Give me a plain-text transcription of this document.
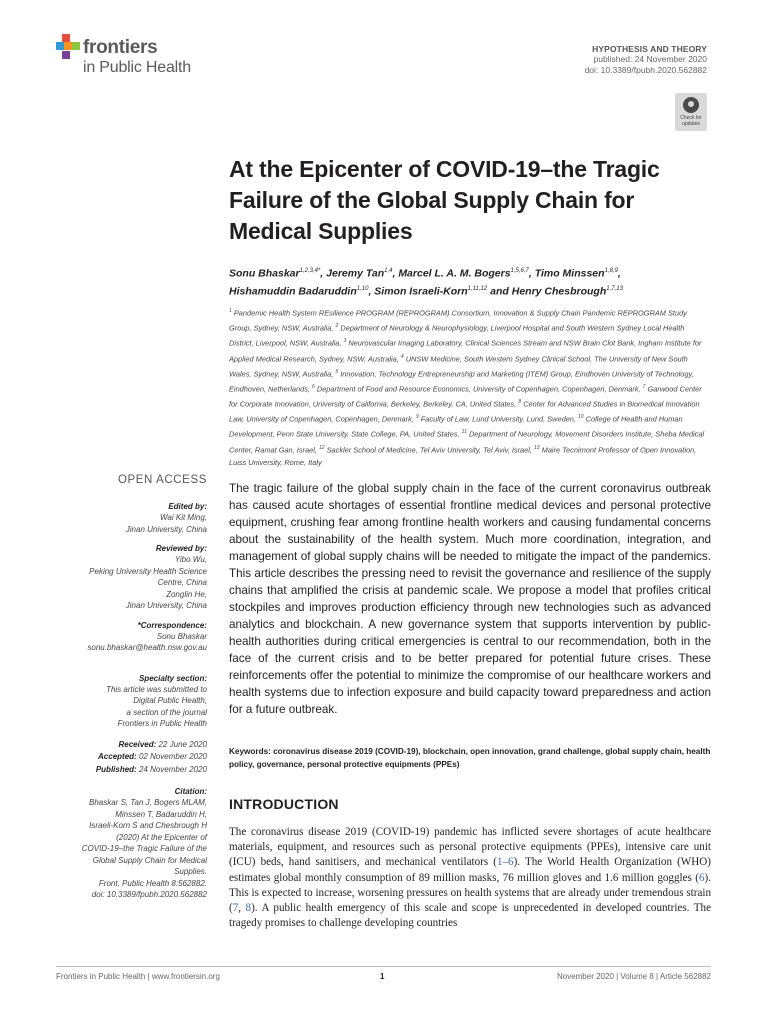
frontiers
in Public Health
HYPOTHESIS AND THEORY
published: 24 November 2020
doi: 10.3389/fpubh.2020.562882
Check for updates
At the Epicenter of COVID-19–the Tragic Failure of the Global Supply Chain for Medical Supplies
Sonu Bhaskar$^{1,2,3,4*}$, Jeremy Tan$^{1,4}$, Marcel L. A. M. Bogers$^{1,5,6,7}$, Timo Minssen$^{1,8,9}$,
Hishamuddin Badaruddin$^{1,10}$, Simon Israeli-Korn$^{1,11,12}$ and Henry Chesbrough$^{1,7,13}$
$^1$ Pandemic Health System REsilience PROGRAM (REPROGRAM) Consortium, Innovation & Supply Chain Pandemic REPROGRAM Study Group, Sydney, NSW, Australia, $^2$ Department of Neurology & Neurophysiology, Liverpool Hospital and South Western Sydney Local Health District, Liverpool, NSW, Australia, $^3$ Neurovascular Imaging Laboratory, Clinical Sciences Stream and NSW Brain Clot Bank, Ingham Institute for Applied Medical Research, Sydney, NSW, Australia, $^4$ UNSW Medicine, South Western Sydney Clinical School, The University of New South Wales, Sydney, NSW, Australia, $^5$ Innovation, Technology Entrepreneurship and Marketing (ITEM) Group, Eindhoven University of Technology, Eindhoven, Netherlands, $^6$ Department of Food and Resource Economics, University of Copenhagen, Copenhagen, Denmark, $^7$ Garwood Center for Corporate Innovation, University of California, Berkeley, Berkeley, CA, United States, $^8$ Center for Advanced Studies in Biomedical Innovation Law, University of Copenhagen, Copenhagen, Denmark, $^9$ Faculty of Law, Lund University, Lund, Sweden, $^{10}$ College of Health and Human Development, Penn State University, State College, PA, United States, $^{11}$ Department of Neurology, Movement Disorders Institute, Sheba Medical Center, Ramat Gan, Israel, $^{12}$ Sackler School of Medicine, Tel Aviv University, Tel Aviv, Israel, $^{13}$ Maire Tecnimont Professor of Open Innovation, Luiss University, Rome, Italy
OPEN ACCESS
Edited by:
Wai Kit Ming,
Jinan University, China
Reviewed by:
Yibo Wu,
Peking University Health Science
Centre, China
Zonglin He,
Jinan University, China
*Correspondence:
Sonu Bhaskar
sonu.bhaskar@health.nsw.gov.au
Specialty section:
This article was submitted to
Digital Public Health,
a section of the journal
Frontiers in Public Health
Received: 22 June 2020
Accepted: 02 November 2020
Published: 24 November 2020
Citation:
Bhaskar S, Tan J, Bogers MLAM,
Minssen T, Badaruddin H,
Israeli-Korn S and Chesbrough H
(2020) At the Epicenter of
COVID-19–the Tragic Failure of the
Global Supply Chain for Medical
Supplies.
Front. Public Health 8:562882.
doi: 10.3389/fpubh.2020.562882
The tragic failure of the global supply chain in the face of the current coronavirus outbreak has caused acute shortages of essential frontline medical devices and personal protective equipment, crushing fear among frontline health workers and causing fundamental concerns about the sustainability of the health system. Much more coordination, integration, and management of global supply chains will be needed to mitigate the impact of the pandemics. This article describes the pressing need to revisit the governance and resilience of the supply chains that amplified the crisis at pandemic scale. We propose a model that profiles critical stockpiles and improves production efficiency through new technologies such as advanced analytics and blockchain. A new governance system that supports intervention by public-health authorities during critical emergencies is central to our recommendation, both in the face of the current crisis and to be better prepared for potential future crises. These reinforcements offer the potential to minimize the compromise of our healthcare workers and health systems due to infection exposure and build capacity toward preparedness and action for a future outbreak.
Keywords: coronavirus disease 2019 (COVID-19), blockchain, open innovation, grand challenge, global supply chain, health policy, governance, personal protective equipments (PPEs)
INTRODUCTION
The coronavirus disease 2019 (COVID-19) pandemic has inflicted severe shortages of acute healthcare materials, equipment, and resources such as personal protective equipments (PPEs), intensive care unit (ICU) beds, hand sanitisers, and mechanical ventilators (1–6). The World Health Organization (WHO) estimates global monthly consumption of 89 million masks, 76 million gloves and 1.6 million goggles (6). This is expected to increase, worsening pressures on health systems that are already under tremendous strain (7, 8). A public health emergency of this scale and scope is unprecedented in developed countries. The tragedy promises to challenge developing countries
Frontiers in Public Health | www.frontiersin.org	1	November 2020 | Volume 8 | Article 562882
